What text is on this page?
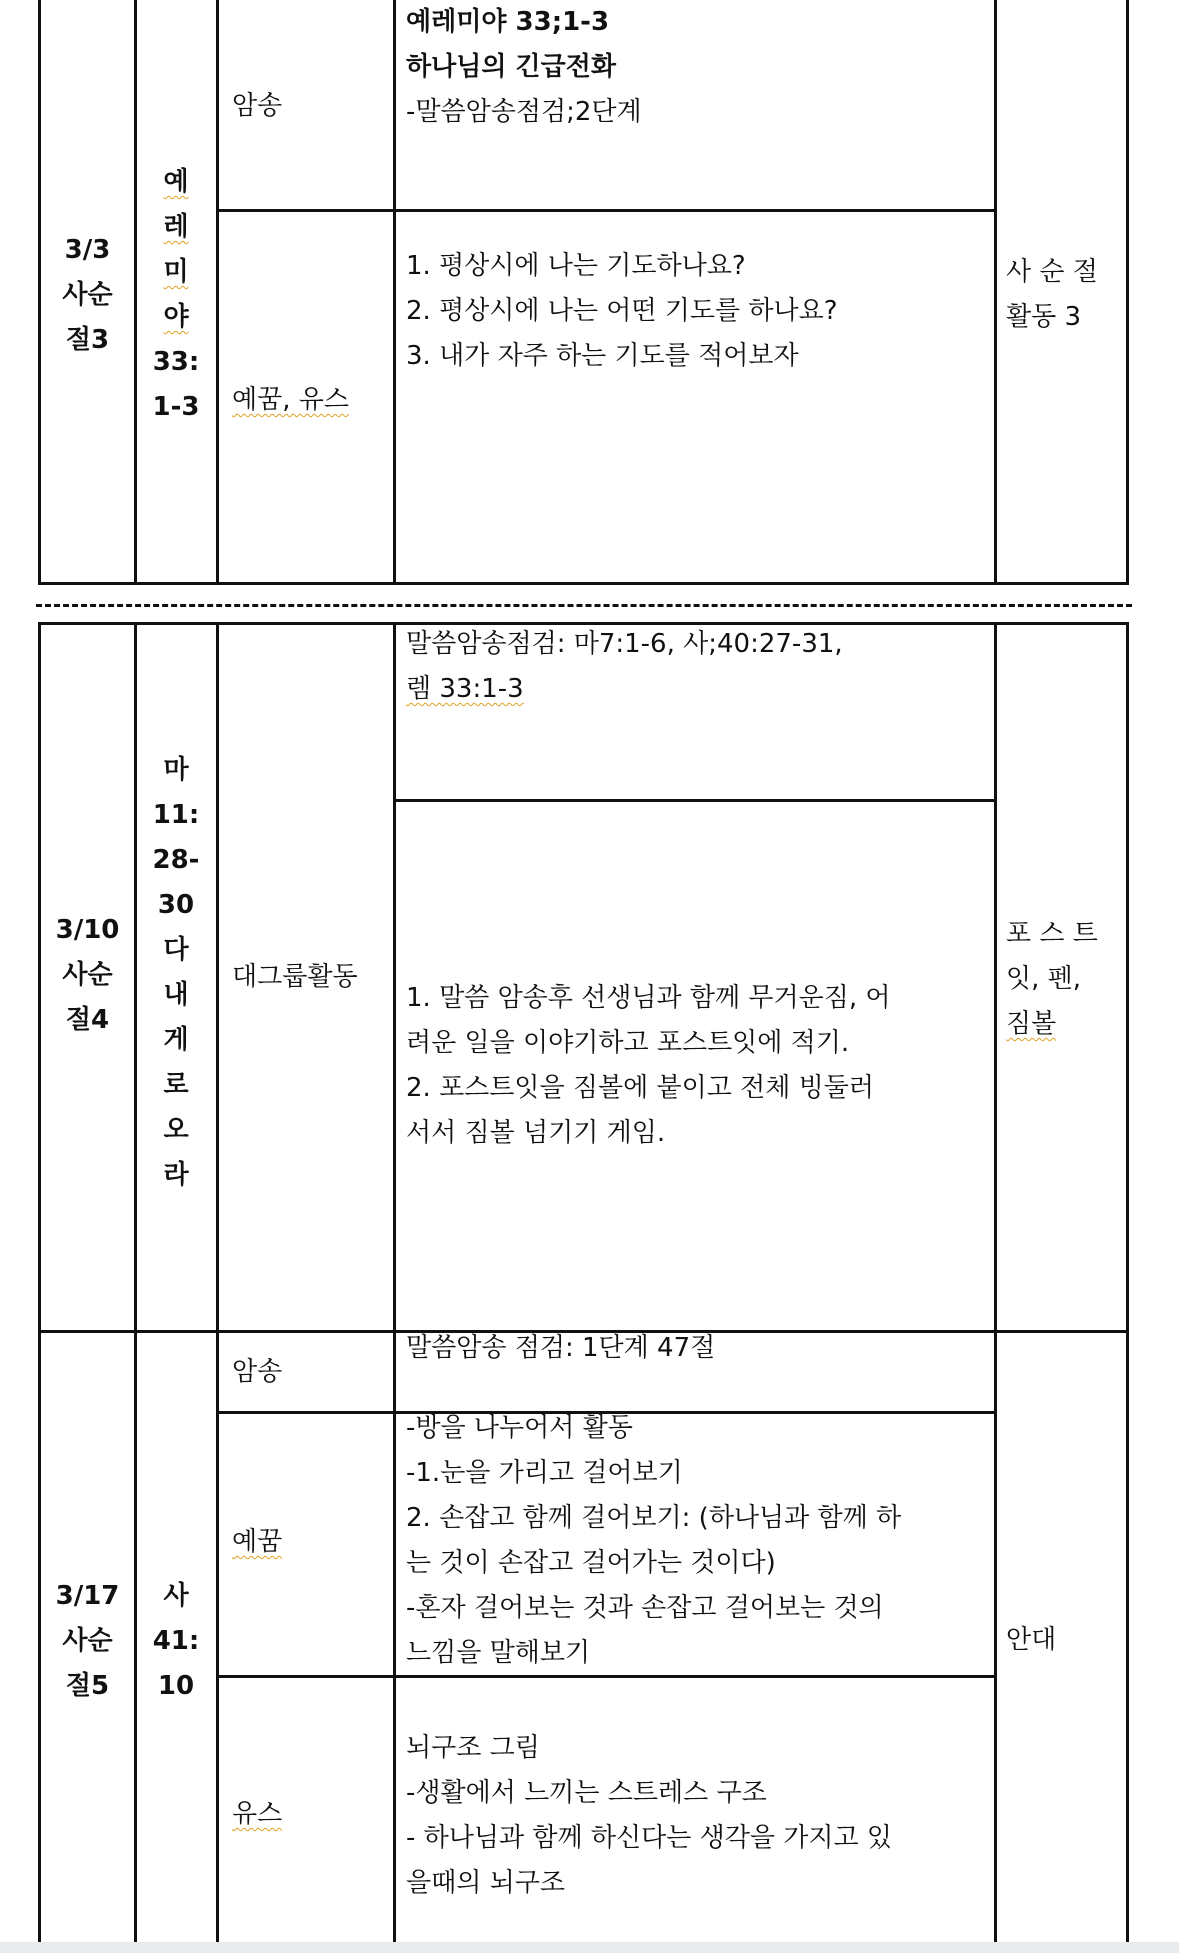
3/3
사순
절3
예
레
미
야
33:
1-3
암송
예레미야 33;1-3
하나님의 긴급전화
-말씀암송점검;2단계
예꿈, 유스
1. 평상시에 나는 기도하나요?
2. 평상시에 나는 어떤 기도를 하나요?
3. 내가 자주 하는 기도를 적어보자
사 순 절
활동 3
3/10
사순
절4
마
11:
28-
30
다
내
게
로
오
라
대그룹활동
말씀암송점검: 마7:1-6, 사;40:27-31,
렘 33:1-3
1. 말씀 암송후 선생님과 함께 무거운짐, 어
려운 일을 이야기하고 포스트잇에 적기.
2. 포스트잇을 짐볼에 붙이고 전체 빙둘러
서서 짐볼 넘기기 게임.
포 스 트
잇, 펜,
짐볼
3/17
사순
절5
사
41:
10
암송
말씀암송 점검: 1단계 47절
예꿈
-방을 나누어서 활동
-1.눈을 가리고 걸어보기
2. 손잡고 함께 걸어보기: (하나님과 함께 하
는 것이 손잡고 걸어가는 것이다)
-혼자 걸어보는 것과 손잡고 걸어보는 것의
느낌을 말해보기
유스
뇌구조 그림
-생활에서 느끼는 스트레스 구조
- 하나님과 함께 하신다는 생각을 가지고 있
을때의 뇌구조
안대
